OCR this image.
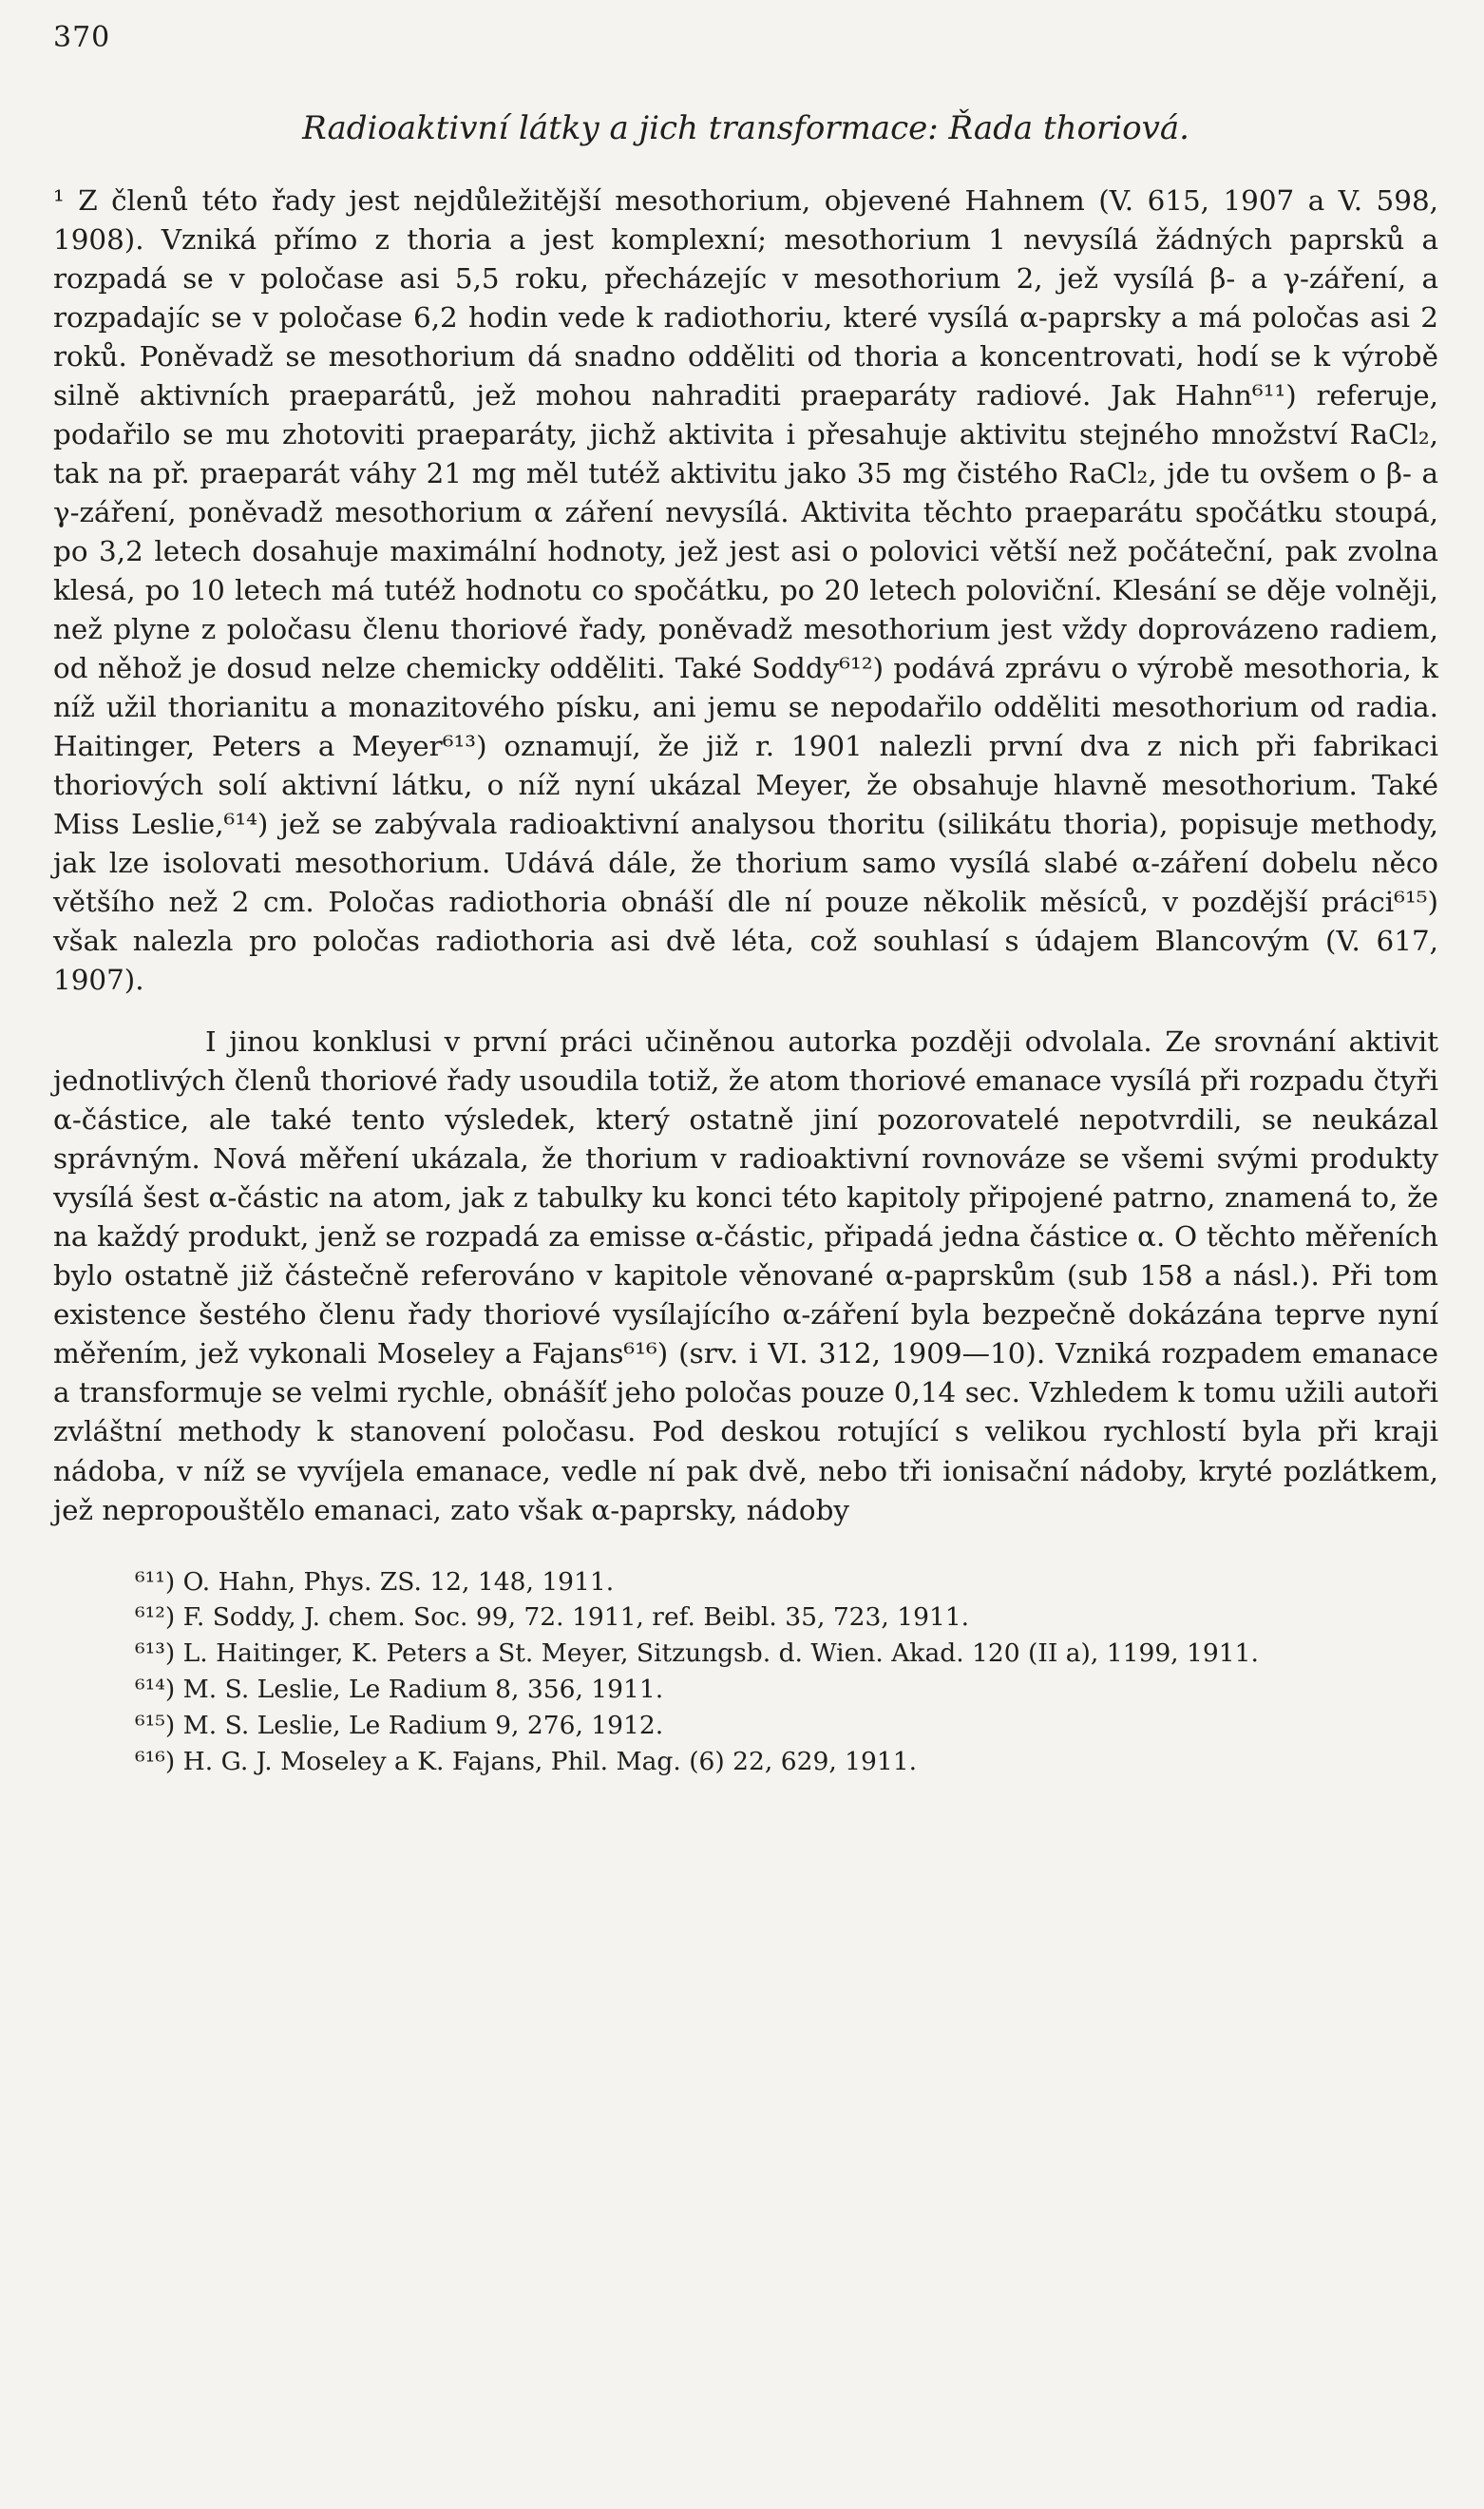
370
Radioaktivní látky a jich transformace: Řada thoriová.

¹ Z členů této řady jest nejdůležitější mesothorium, objevené Hahnem (V. 615, 1907 a V. 598, 1908). Vzniká přímo z thoria a jest komplexní; mesothorium 1 nevysílá žádných paprsků a rozpadá se v poločase asi 5,5 roku, přecházejíc v mesothorium 2, jež vysílá β- a γ-záření, a rozpadajíc se v poločase 6,2 hodin vede k radiothoriu, které vysílá α-paprsky a má poločas asi 2 roků. Poněvadž se mesothorium dá snadno odděliti od thoria a koncentrovati, hodí se k výrobě silně aktivních praeparátů, jež mohou nahraditi praeparáty radiové. Jak Hahn⁶¹¹) referuje, podařilo se mu zhotoviti praeparáty, jichž aktivita i přesahuje aktivitu stejného množství RaCl₂, tak na př. praeparát váhy 21 mg měl tutéž aktivitu jako 35 mg čistého RaCl₂, jde tu ovšem o β- a γ-záření, poněvadž mesothorium α záření nevysílá. Aktivita těchto praeparátu spočátku stoupá, po 3,2 letech dosahuje maximální hodnoty, jež jest asi o polovici větší než počáteční, pak zvolna klesá, po 10 letech má tutéž hodnotu co spočátku, po 20 letech poloviční. Klesání se děje volněji, než plyne z poločasu členu thoriové řady, poněvadž mesothorium jest vždy doprovázeno radiem, od něhož je dosud nelze chemicky odděliti. Také Soddy⁶¹²) podává zprávu o výrobě mesothoria, k níž užil thorianitu a monazitového písku, ani jemu se nepodařilo odděliti mesothorium od radia. Haitinger, Peters a Meyer⁶¹³) oznamují, že již r. 1901 nalezli první dva z nich při fabrikaci thoriových solí aktivní látku, o níž nyní ukázal Meyer, že obsahuje hlavně mesothorium. Také Miss Leslie,⁶¹⁴) jež se zabývala radioaktivní analysou thoritu (silikátu thoria), popisuje methody, jak lze isolovati mesothorium. Udává dále, že thorium samo vysílá slabé α-záření dobelu něco většího než 2 cm. Poločas radiothoria obnáší dle ní pouze několik měsíců, v pozdější práci⁶¹⁵) však nalezla pro poločas radiothoria asi dvě léta, což souhlasí s údajem Blancovým (V. 617, 1907).

I jinou konklusi v první práci učiněnou autorka později odvolala. Ze srovnání aktivit jednotlivých členů thoriové řady usoudila totiž, že atom thoriové emanace vysílá při rozpadu čtyři α-částice, ale také tento výsledek, který ostatně jiní pozorovatelé nepotvrdili, se neukázal správným. Nová měření ukázala, že thorium v radioaktivní rovnováze se všemi svými produkty vysílá šest α-částic na atom, jak z tabulky ku konci této kapitoly připojené patrno, znamená to, že na každý produkt, jenž se rozpadá za emisse α-částic, připadá jedna částice α. O těchto měřeních bylo ostatně již částečně referováno v kapitole věnované α-paprskům (sub 158 a násl.). Při tom existence šestého členu řady thoriové vysílajícího α-záření byla bezpečně dokázána teprve nyní měřením, jež vykonali Moseley a Fajans⁶¹⁶) (srv. i VI. 312, 1909—10). Vzniká rozpadem emanace a transformuje se velmi rychle, obnášíť jeho poločas pouze 0,14 sec. Vzhledem k tomu užili autoři zvláštní methody k stanovení poločasu. Pod deskou rotující s velikou rychlostí byla při kraji nádoba, v níž se vyvíjela emanace, vedle ní pak dvě, nebo tři ionisační nádoby, kryté pozlátkem, jež nepropouštělo emanaci, zato však α-paprsky, nádoby

⁶¹¹) O. Hahn, Phys. ZS. 12, 148, 1911.

⁶¹²) F. Soddy, J. chem. Soc. 99, 72. 1911, ref. Beibl. 35, 723, 1911.

⁶¹³) L. Haitinger, K. Peters a St. Meyer, Sitzungsb. d. Wien. Akad. 120 (II a), 1199, 1911.

⁶¹⁴) M. S. Leslie, Le Radium 8, 356, 1911.

⁶¹⁵) M. S. Leslie, Le Radium 9, 276, 1912.

⁶¹⁶) H. G. J. Moseley a K. Fajans, Phil. Mag. (6) 22, 629, 1911.
